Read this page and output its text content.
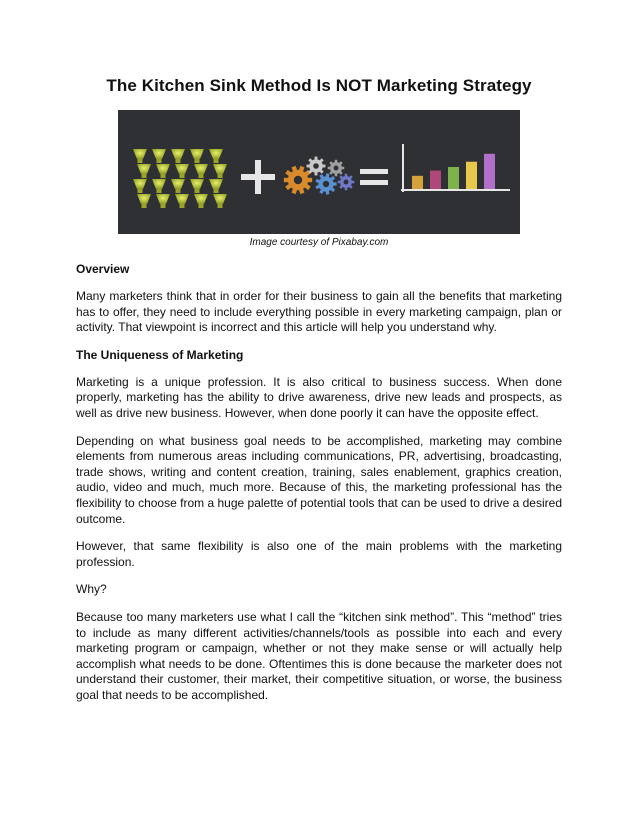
The Kitchen Sink Method Is NOT Marketing Strategy
Image courtesy of Pixabay.com
Overview

Many marketers think that in order for their business to gain all the benefits that marketing has to offer, they need to include everything possible in every marketing campaign, plan or activity. That viewpoint is incorrect and this article will help you understand why.

The Uniqueness of Marketing

Marketing is a unique profession. It is also critical to business success. When done properly, marketing has the ability to drive awareness, drive new leads and prospects, as well as drive new business. However, when done poorly it can have the opposite effect.

Depending on what business goal needs to be accomplished, marketing may combine elements from numerous areas including communications, PR, advertising, broadcasting, trade shows, writing and content creation, training, sales enablement, graphics creation, audio, video and much, much more. Because of this, the marketing professional has the flexibility to choose from a huge palette of potential tools that can be used to drive a desired outcome.

However, that same flexibility is also one of the main problems with the marketing profession.

Why?

Because too many marketers use what I call the “kitchen sink method”. This “method” tries to include as many different activities/channels/tools as possible into each and every marketing program or campaign, whether or not they make sense or will actually help accomplish what needs to be done. Oftentimes this is done because the marketer does not understand their customer, their market, their competitive situation, or worse, the business goal that needs to be accomplished.
